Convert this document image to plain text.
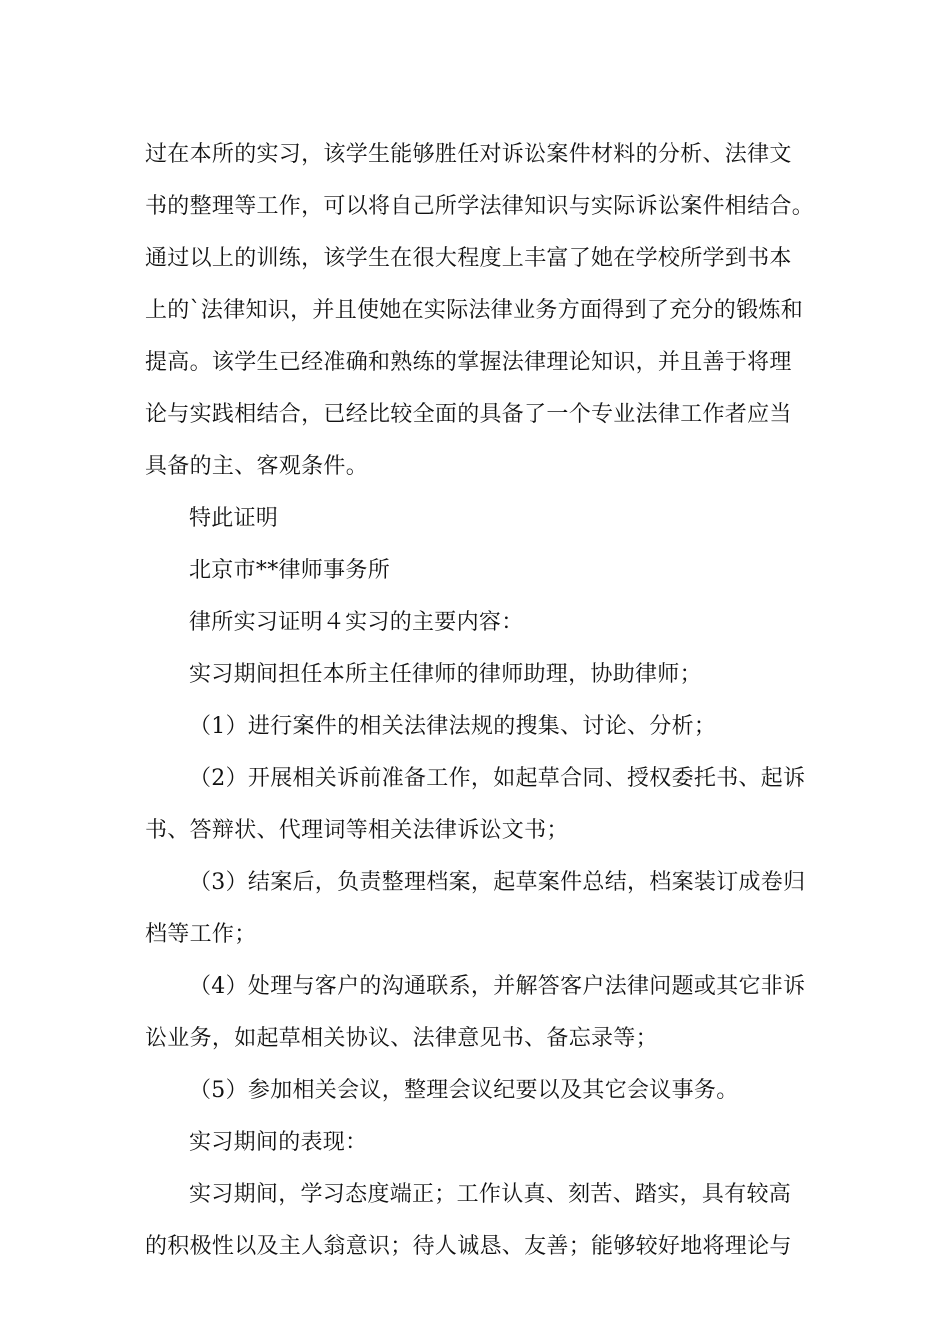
过在本所的实习，该学生能够胜任对诉讼案件材料的分析、法律文
书的整理等工作，可以将自己所学法律知识与实际诉讼案件相结合。
通过以上的训练，该学生在很大程度上丰富了她在学校所学到书本
上的`法律知识，并且使她在实际法律业务方面得到了充分的锻炼和
提高。该学生已经准确和熟练的掌握法律理论知识，并且善于将理
论与实践相结合，已经比较全面的具备了一个专业法律工作者应当
具备的主、客观条件。
特此证明
北京市**律师事务所
律所实习证明４实习的主要内容：
实习期间担任本所主任律师的律师助理，协助律师；
（1）进行案件的相关法律法规的搜集、讨论、分析；
（2）开展相关诉前准备工作，如起草合同、授权委托书、起诉
书、答辩状、代理词等相关法律诉讼文书；
（3）结案后，负责整理档案，起草案件总结，档案装订成卷归
档等工作；
（4）处理与客户的沟通联系，并解答客户法律问题或其它非诉
讼业务，如起草相关协议、法律意见书、备忘录等；
（5）参加相关会议，整理会议纪要以及其它会议事务。
实习期间的表现：
实习期间，学习态度端正；工作认真、刻苦、踏实，具有较高
的积极性以及主人翁意识；待人诚恳、友善；能够较好地将理论与
